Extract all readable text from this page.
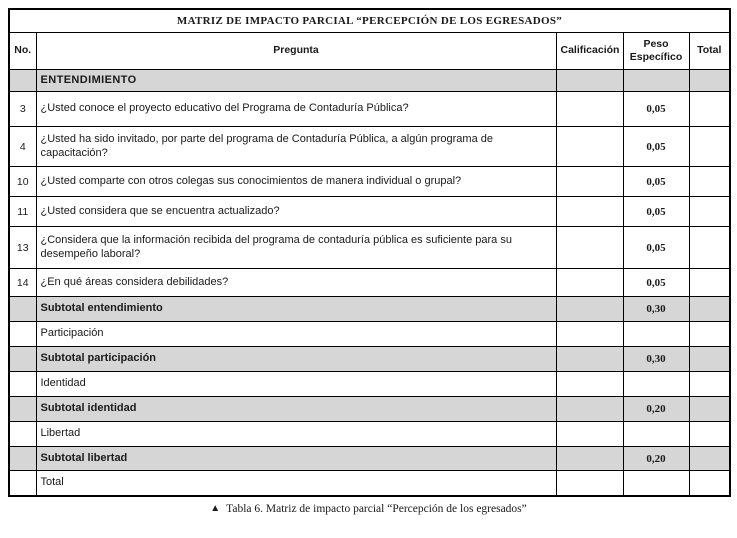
MATRIZ DE IMPACTO PARCIAL “PERCEPCIÓN DE LOS EGRESADOS”				
No.	Pregunta	Calificación	Peso Específico	Total
	ENTENDIMIENTO			
3	¿Usted conoce el proyecto educativo del Programa de Contaduría Pública?		0,05	
4	¿Usted ha sido invitado, por parte del programa de Contaduría Pública, a algún programa de capacitación?		0,05	
10	¿Usted comparte con otros colegas sus conocimientos de manera individual o grupal?		0,05	
11	¿Usted considera que se encuentra actualizado?		0,05	
13	¿Considera que la información recibida del programa de contaduría pública es suficiente para su desempeño laboral?		0,05	
14	¿En qué áreas considera debilidades?		0,05	
	Subtotal entendimiento		0,30	
	Participación			
	Subtotal participación		0,30	
	Identidad			
	Subtotal identidad		0,20	
	Libertad			
	Subtotal libertad		0,20	
	Total			
▲ Tabla 6. Matriz de impacto parcial “Percepción de los egresados”
